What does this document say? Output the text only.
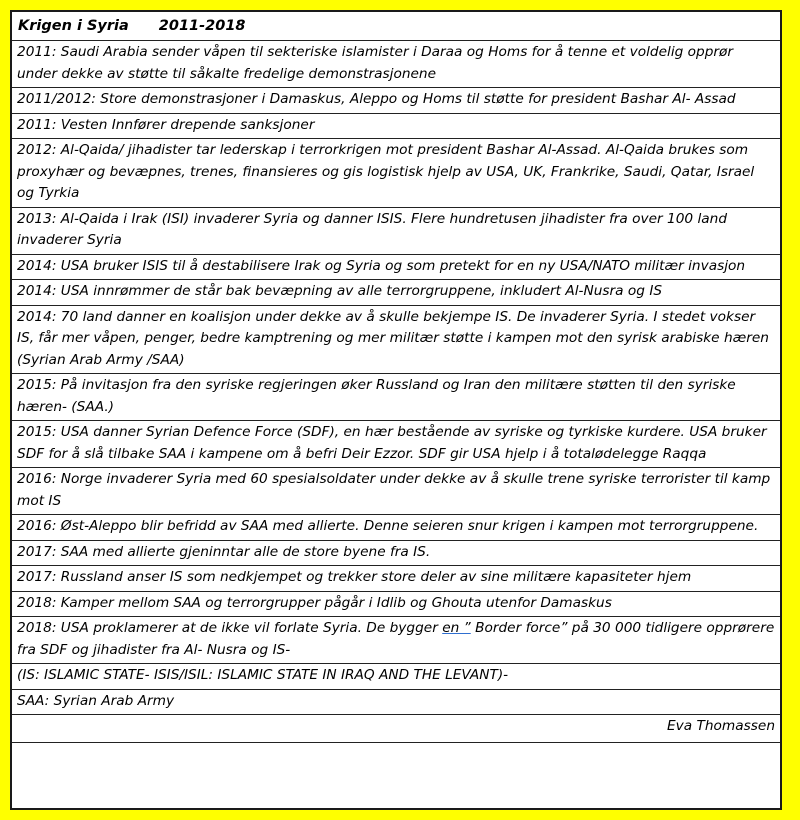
Krigen i Syria 2011-2018
2011: Saudi Arabia sender våpen til sekteriske islamister i Daraa og Homs for å tenne et voldelig opprør under dekke av støtte til såkalte fredelige demonstrasjonene
2011/2012: Store demonstrasjoner i Damaskus, Aleppo og Homs til støtte for president Bashar Al- Assad
2011: Vesten Innfører drepende sanksjoner
2012: Al-Qaida/ jihadister tar lederskap i terrorkrigen mot president Bashar Al-Assad. Al-Qaida brukes som proxyhær og bevæpnes, trenes, finansieres og gis logistisk hjelp av USA, UK, Frankrike, Saudi, Qatar, Israel og Tyrkia
2013: Al-Qaida i Irak (ISI) invaderer Syria og danner ISIS. Flere hundretusen jihadister fra over 100 land invaderer Syria
2014: USA bruker ISIS til å destabilisere Irak og Syria og som pretekt for en ny USA/NATO militær invasjon
2014: USA innrømmer de står bak bevæpning av alle terrorgruppene, inkludert Al-Nusra og IS
2014: 70 land danner en koalisjon under dekke av å skulle bekjempe IS. De invaderer Syria. I stedet vokser IS, får mer våpen, penger, bedre kamptrening og mer militær støtte i kampen mot den syrisk arabiske hæren (Syrian Arab Army /SAA)
2015: På invitasjon fra den syriske regjeringen øker Russland og Iran den militære støtten til den syriske hæren- (SAA.)
2015: USA danner Syrian Defence Force (SDF), en hær bestående av syriske og tyrkiske kurdere. USA bruker SDF for å slå tilbake SAA i kampene om å befri Deir Ezzor. SDF gir USA hjelp i å totalødelegge Raqqa
2016: Norge invaderer Syria med 60 spesialsoldater under dekke av å skulle trene syriske terrorister til kamp mot IS
2016: Øst-Aleppo blir befridd av SAA med allierte. Denne seieren snur krigen i kampen mot terrorgruppene.
2017: SAA med allierte gjeninntar alle de store byene fra IS.
2017: Russland anser IS som nedkjempet og trekker store deler av sine militære kapasiteter hjem
2018: Kamper mellom SAA og terrorgrupper pågår i Idlib og Ghouta utenfor Damaskus
2018: USA proklamerer at de ikke vil forlate Syria. De bygger en ” Border force” på 30 000 tidligere opprørere fra SDF og jihadister fra Al- Nusra og IS-
(IS: ISLAMIC STATE- ISIS/ISIL: ISLAMIC STATE IN IRAQ AND THE LEVANT)-
SAA: Syrian Arab Army
Eva Thomassen
